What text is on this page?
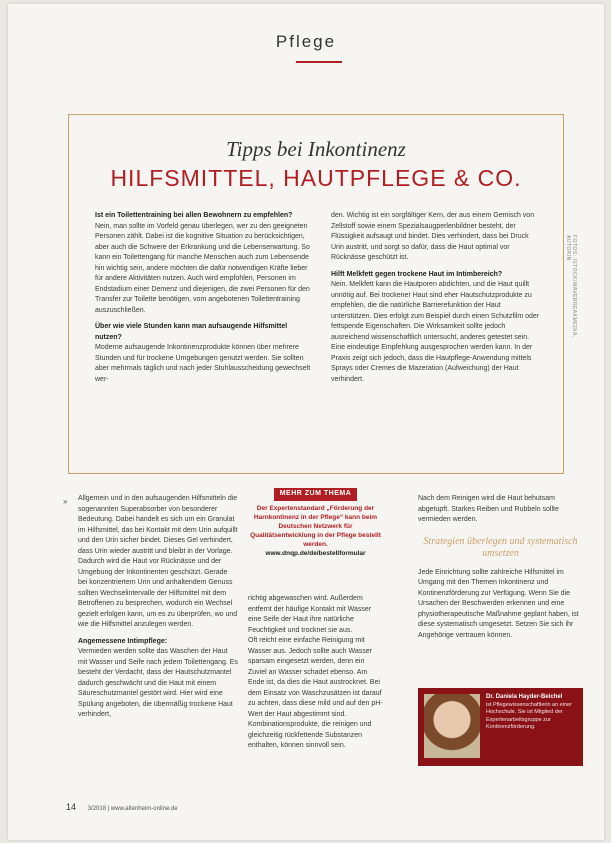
Pflege
Tipps bei Inkontinenz
HILFSMITTEL, HAUTPFLEGE & CO.

Ist ein Toilettentraining bei allen Bewohnern zu empfehlen?

Nein, man sollte im Vorfeld genau überlegen, wer zu den geeigneten Personen zählt. Dabei ist die kognitive Situation zu berücksichtigen, aber auch die Schwere der Erkrankung und die Lebenserwartung. So kann ein Toilettengang für manche Menschen auch zum Lebensende hin wichtig sein, andere möchten die dafür notwendigen Kräfte lieber für andere Aktivitäten nutzen. Auch wird empfohlen, Personen im Endstadium einer Demenz und diejenigen, die zwei Personen für den Transfer zur Toilette benötigen, vom angebotenen Toilettentraining auszuschließen.

Über wie viele Stunden kann man aufsaugende Hilfsmittel nutzen?

Moderne aufsaugende Inkontinenzprodukte können über mehrere Stunden und für trockene Umgebungen genutzt werden. Sie sollten aber mehrmals täglich und nach jeder Stuhlausscheidung gewechselt wer-

den. Wichtig ist ein sorgfältiger Kern, der aus einem Gemisch von Zellstoff sowie einem Spezialsaugperlenbildner besteht, der Flüssigkeit aufsaugt und bindet. Dies verhindert, dass bei Druck Urin austritt, und sorgt so dafür, dass die Haut optimal vor Rücknässe geschützt ist.

Hilft Melkfett gegen trockene Haut im Intimbereich?

Nein. Melkfett kann die Hautporen abdichten, und die Haut quillt unnötig auf. Bei trockener Haut sind eher Hautschutzprodukte zu empfehlen, die die natürliche Barrierefunktion der Haut unterstützen. Dies erfolgt zum Beispiel durch einen Schutzfilm oder fettspende Eigenschaften. Die Wirksamkeit sollte jedoch ausreichend wissenschaftlich untersucht, anderes getestet sein. Eine eindeutige Empfehlung ausgesprochen werden kann. In der Praxis zeigt sich jedoch, dass die Hautpflege-Anwendung mittels Sprays oder Cremes die Mazeration (Aufweichung) der Haut verhindert.

FOTOS: ISTOCK/WAVEBREAKMEDIA, AUTORIN
» Allgemein und in den aufsaugenden Hilfsmitteln die sogenannten Superabsorber von besonderer Bedeutung. Dabei handelt es sich um ein Granulat im Hilfsmittel, das bei Kontakt mit dem Urin aufquillt und den Urin sicher bindet. Dieses Gel verhindert, dass Urin wieder austritt und bleibt in der Vorlage. Dadurch wird die Haut vor Rücknässe und der Umgebung der Inkontinenten geschützt. Gerade bei konzentriertem Urin und anhaltendem Genuss sollten Wechselintervalle der Hilfsmittel mit dem Betroffenen zu besprechen, wodurch ein Wechsel gezielt erfolgen kann, um es zu überprüfen, wo und wie die Hilfsmittel anzulegen werden.

Angemessene Intimpflege:

Vermieden werden sollte das Waschen der Haut mit Wasser und Seife nach jedem Toilettengang. Es besteht der Verdacht, dass der Hautschutzmantel dadurch geschwächt und die Haut mit einem Säureschutzmantel gestört wird. Hier wird eine Spülung angeboten, die übermäßig trockene Haut verhindert,

MEHR ZUM THEMA
Der Expertenstandard „Förderung der Harnkontinenz in der Pflege“ kann beim Deutschen Netzwerk für Qualitätsentwicklung in der Pflege bestellt werden.
www.dnqp.de/de/bestellformular

richtig abgewaschen wird. Außerdem entfernt der häufige Kontakt mit Wasser eine Seife der Haut ihre natürliche Feuchtigkeit und trocknet sie aus.

Oft reicht eine einfache Reinigung mit Wasser aus. Jedoch sollte auch Wasser sparsam eingesetzt werden, denn ein Zuviel an Wasser schadet ebenso. Am Ende ist, da dies die Haut austrocknet. Bei dem Einsatz von Waschzusätzen ist darauf zu achten, dass diese mild und auf den pH-Wert der Haut abgestimmt sind. Kombinationsprodukte, die reinigen und gleichzeitig rückfettende Substanzen enthalten, können sinnvoll sein.

Nach dem Reinigen wird die Haut behutsam abgetupft. Starkes Reiben und Rubbeln sollte vermieden werden.

Strategien überlegen und systematisch umsetzen

Jede Einrichtung sollte zahlreiche Hilfsmittel im Umgang mit den Themen Inkontinenz und Kontinenzförderung zur Verfügung. Wenn Sie die Ursachen der Beschwerden erkennen und eine physiotherapeutische Maßnahme geplant haben, ist diese systematisch umgesetzt. Setzen Sie sich ihr Angehörige vertrauen können.

Dr. Daniela Hayder-Beichel
ist Pflegewissenschaftlerin an einer Hochschule. Sie ist Mitglied der Expertenarbeitsgruppe zur Kontinenzförderung.
14 3/2018 | www.altenheim-online.de
